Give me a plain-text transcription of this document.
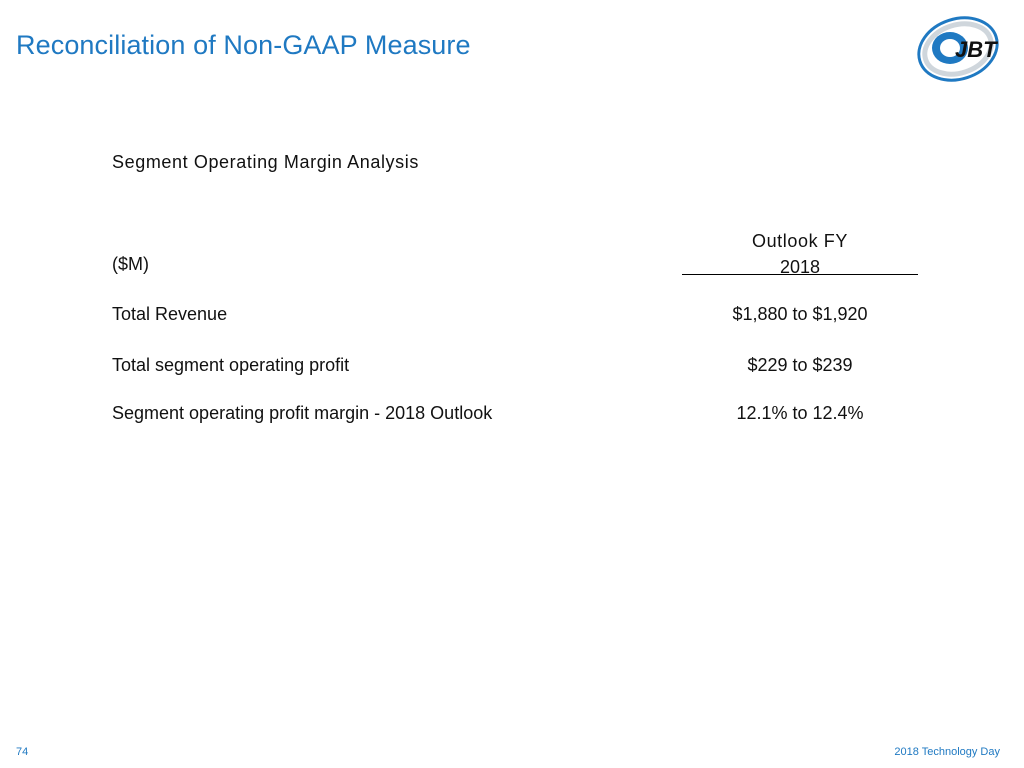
Reconciliation of Non-GAAP Measure	JBT
Segment Operating Margin Analysis
($M)
Outlook FY
2018
Total Revenue	$1,880 to $1,920
Total segment operating profit	$229 to $239
Segment operating profit margin - 2018 Outlook	12.1% to 12.4%
74	2018 Technology Day
